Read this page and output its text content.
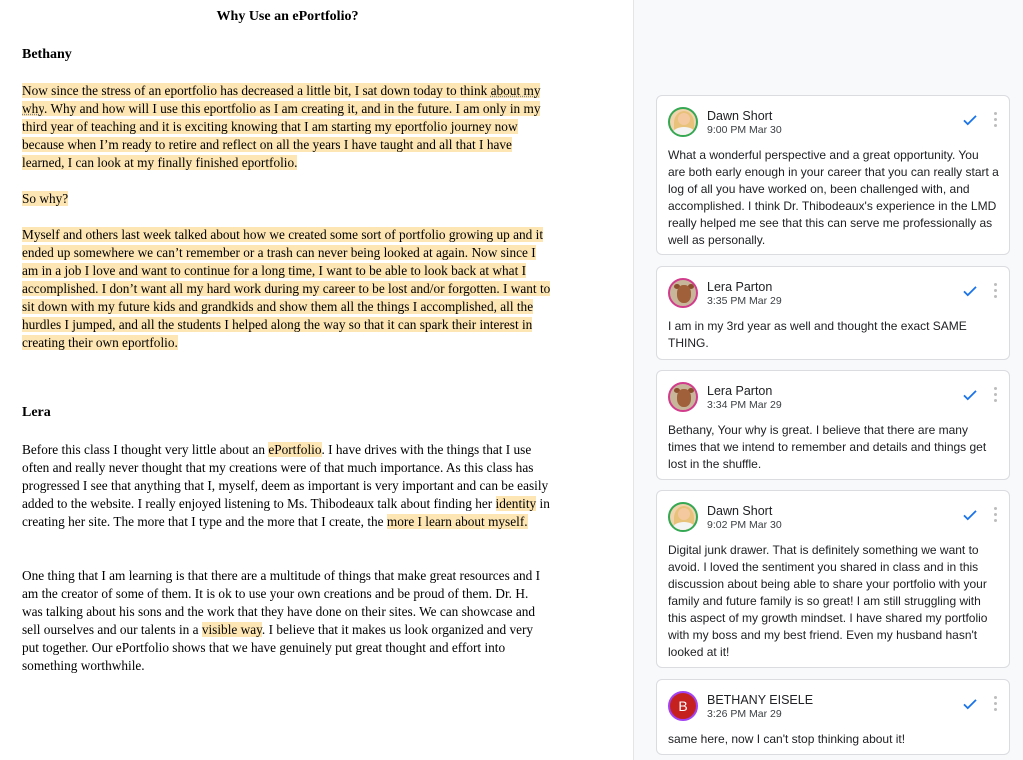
Why Use an ePortfolio?
Bethany
Now since the stress of an eportfolio has decreased a little bit, I sat down today to think about my why. Why and how will I use this eportfolio as I am creating it, and in the future. I am only in my third year of teaching and it is exciting knowing that I am starting my eportfolio journey now because when I’m ready to retire and reflect on all the years I have taught and all that I have learned, I can look at my finally finished eportfolio.
So why?
Myself and others last week talked about how we created some sort of portfolio growing up and it ended up somewhere we can’t remember or a trash can never being looked at again. Now since I am in a job I love and want to continue for a long time, I want to be able to look back at what I accomplished. I don’t want all my hard work during my career to be lost and/or forgotten. I want to sit down with my future kids and grandkids and show them all the things I accomplished, all the hurdles I jumped, and all the students I helped along the way so that it can spark their interest in creating their own eportfolio.
Lera
Before this class I thought very little about an ePortfolio. I have drives with the things that I use often and really never thought that my creations were of that much importance. As this class has progressed I see that anything that I, myself, deem as important is very important and can be easily added to the website. I really enjoyed listening to Ms. Thibodeaux talk about finding her identity in creating her site. The more that I type and the more that I create, the more I learn about myself.
One thing that I am learning is that there are a multitude of things that make great resources and I am the creator of some of them. It is ok to use your own creations and be proud of them. Dr. H. was talking about his sons and the work that they have done on their sites. We can showcase and sell ourselves and our talents in a visible way. I believe that it makes us look organized and very put together. Our ePortfolio shows that we have genuinely put great thought and effort into something worthwhile.
Dawn Short
9:00 PM Mar 30
What a wonderful perspective and a great opportunity. You are both early enough in your career that you can really start a log of all you have worked on, been challenged with, and accomplished. I think Dr. Thibodeaux's experience in the LMD really helped me see that this can serve me professionally as well as personally.
Lera Parton
3:35 PM Mar 29
I am in my 3rd year as well and thought the exact SAME THING.
Lera Parton
3:34 PM Mar 29
Bethany, Your why is great. I believe that there are many times that we intend to remember and details and things get lost in the shuffle.
Dawn Short
9:02 PM Mar 30
Digital junk drawer. That is definitely something we want to avoid. I loved the sentiment you shared in class and in this discussion about being able to share your portfolio with your family and future family is so great! I am still struggling with this aspect of my growth mindset. I have shared my portfolio with my boss and my best friend. Even my husband hasn't looked at it!
B	BETHANY EISELE
3:26 PM Mar 29
same here, now I can't stop thinking about it!
